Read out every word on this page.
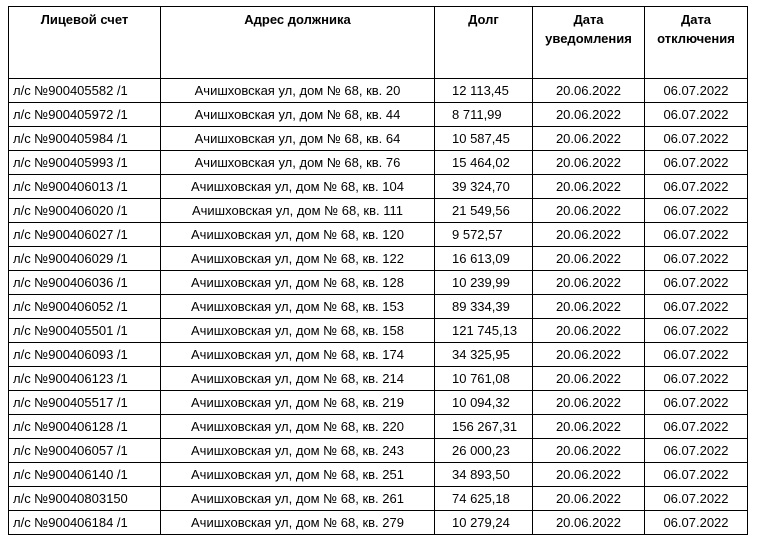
Лицевой счет	Адрес должника	Долг	Дата уведомления	Дата отключения
л/с №900405582 /1	Ачишховская ул, дом № 68, кв. 20	12 113,45	20.06.2022	06.07.2022
л/с №900405972 /1	Ачишховская ул, дом № 68, кв. 44	8 711,99	20.06.2022	06.07.2022
л/с №900405984 /1	Ачишховская ул, дом № 68, кв. 64	10 587,45	20.06.2022	06.07.2022
л/с №900405993 /1	Ачишховская ул, дом № 68, кв. 76	15 464,02	20.06.2022	06.07.2022
л/с №900406013 /1	Ачишховская ул, дом № 68, кв. 104	39 324,70	20.06.2022	06.07.2022
л/с №900406020 /1	Ачишховская ул, дом № 68, кв. 111	21 549,56	20.06.2022	06.07.2022
л/с №900406027 /1	Ачишховская ул, дом № 68, кв. 120	9 572,57	20.06.2022	06.07.2022
л/с №900406029 /1	Ачишховская ул, дом № 68, кв. 122	16 613,09	20.06.2022	06.07.2022
л/с №900406036 /1	Ачишховская ул, дом № 68, кв. 128	10 239,99	20.06.2022	06.07.2022
л/с №900406052 /1	Ачишховская ул, дом № 68, кв. 153	89 334,39	20.06.2022	06.07.2022
л/с №900405501 /1	Ачишховская ул, дом № 68, кв. 158	121 745,13	20.06.2022	06.07.2022
л/с №900406093 /1	Ачишховская ул, дом № 68, кв. 174	34 325,95	20.06.2022	06.07.2022
л/с №900406123 /1	Ачишховская ул, дом № 68, кв. 214	10 761,08	20.06.2022	06.07.2022
л/с №900405517 /1	Ачишховская ул, дом № 68, кв. 219	10 094,32	20.06.2022	06.07.2022
л/с №900406128 /1	Ачишховская ул, дом № 68, кв. 220	156 267,31	20.06.2022	06.07.2022
л/с №900406057 /1	Ачишховская ул, дом № 68, кв. 243	26 000,23	20.06.2022	06.07.2022
л/с №900406140 /1	Ачишховская ул, дом № 68, кв. 251	34 893,50	20.06.2022	06.07.2022
л/с №90040803150	Ачишховская ул, дом № 68, кв. 261	74 625,18	20.06.2022	06.07.2022
л/с №900406184 /1	Ачишховская ул, дом № 68, кв. 279	10 279,24	20.06.2022	06.07.2022
